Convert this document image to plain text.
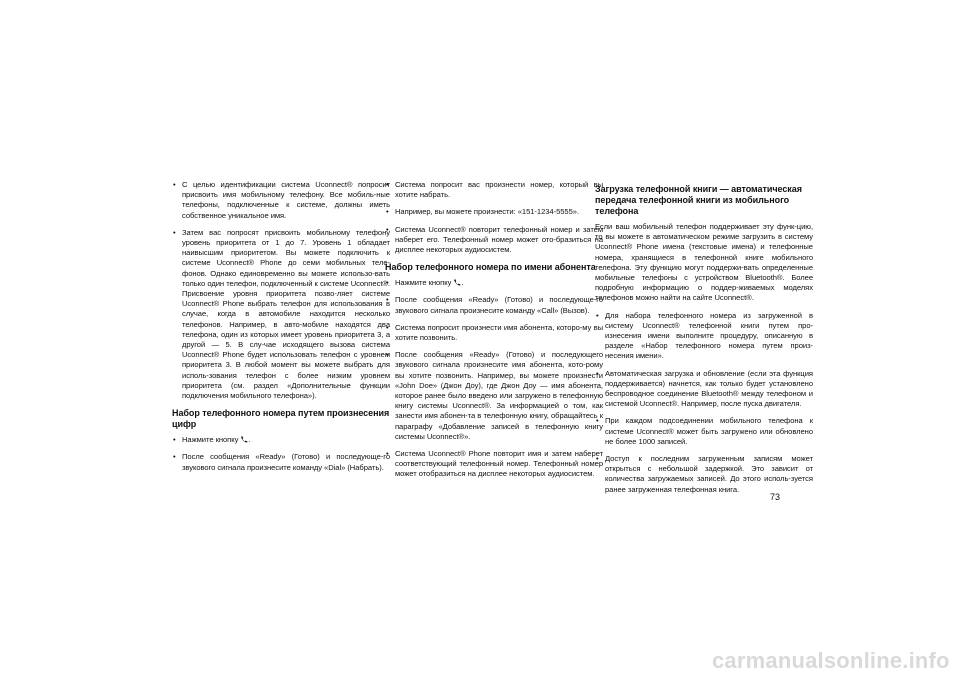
• С целью идентификации система Uconnect® попросит присвоить имя мобильному телефону. Все мобиль-ные телефоны, подключенные к системе, должны иметь собственное уникальное имя.

• Затем вас попросят присвоить мобильному телефону уровень приоритета от 1 до 7. Уровень 1 обладает наивысшим приоритетом. Вы можете подключить к системе Uconnect® Phone до семи мобильных теле-фонов. Однако единовременно вы можете использо-вать только один телефон, подключенный к системе Uconnect®. Присвоение уровня приоритета позво-ляет системе Uconnect® Phone выбрать телефон для использования в случае, когда в автомобиле находится несколько телефонов. Например, в авто-мобиле находятся два телефона, один из которых имеет уровень приоритета 3, а другой — 5. В слу-чае исходящего вызова система Uconnect® Phone будет использовать телефон с уровнем приоритета 3. В любой момент вы можете выбрать для исполь-зования телефон с более низким уровнем приоритета (см. раздел «Дополнительные функции подключения мобильного телефона»).

Набор телефонного номера путем произнесения цифр

• Нажмите кнопку .

• После сообщения «Ready» (Готово) и последующе-го звукового сигнала произнесите команду «Dial» (Набрать).

• Система попросит вас произнести номер, который вы хотите набрать.

• Например, вы можете произнести: «151-1234-5555».

• Система Uconnect® повторит телефонный номер и затем наберет его. Телефонный номер может ото-бразиться на дисплее некоторых аудиосистем.

Набор телефонного номера по имени абонента

• Нажмите кнопку .

• После сообщения «Ready» (Готово) и последующе-го звукового сигнала произнесите команду «Call» (Вызов).

• Система попросит произнести имя абонента, которо-му вы хотите позвонить.

• После сообщения «Ready» (Готово) и последующего звукового сигнала произнесите имя абонента, кото-рому вы хотите позвонить. Например, вы можете произнести «John Doe» (Джон Доу), где Джон Доу — имя абонента, которое ранее было введено или загружено в телефонную книгу системы Uconnect®. За информацией о том, как занести имя абонен-та в телефонную книгу, обращайтесь к параграфу «Добавление записей в телефонную книгу системы Uconnect®».

• Система Uconnect® Phone повторит имя и затем наберет соответствующий телефонный номер. Телефонный номер может отобразиться на дисплее некоторых аудиосистем.

Загрузка телефонной книги — автоматическая передача телефонной книги из мобильного телефона

Если ваш мобильный телефон поддерживает эту функ-цию, то вы можете в автоматическом режиме загрузить в систему Uconnect® Phone имена (текстовые имена) и телефонные номера, хранящиеся в телефонной книге мобильного телефона. Эту функцию могут поддержи-вать определенные мобильные телефоны с устройством Bluetooth®. Более подробную информацию о поддер-живаемых моделях телефонов можно найти на сайте Uconnect®.

• Для набора телефонного номера из загруженной в систему Uconnect® телефонной книги путем про-изнесения имени выполните процедуру, описанную в разделе «Набор телефонного номера путем произ-несения имени».

• Автоматическая загрузка и обновление (если эта функция поддерживается) начнется, как только будет установлено беспроводное соединение Bluetooth® между телефоном и системой Uconnect®. Например, после пуска двигателя.

• При каждом подсоединении мобильного телефона к системе Uconnect® может быть загружено или обновлено не более 1000 записей.

• Доступ к последним загруженным записям может открыться с небольшой задержкой. Это зависит от количества загружаемых записей. До этого исполь-зуется ранее загруженная телефонная книга.

73
carmanualsonline.info
